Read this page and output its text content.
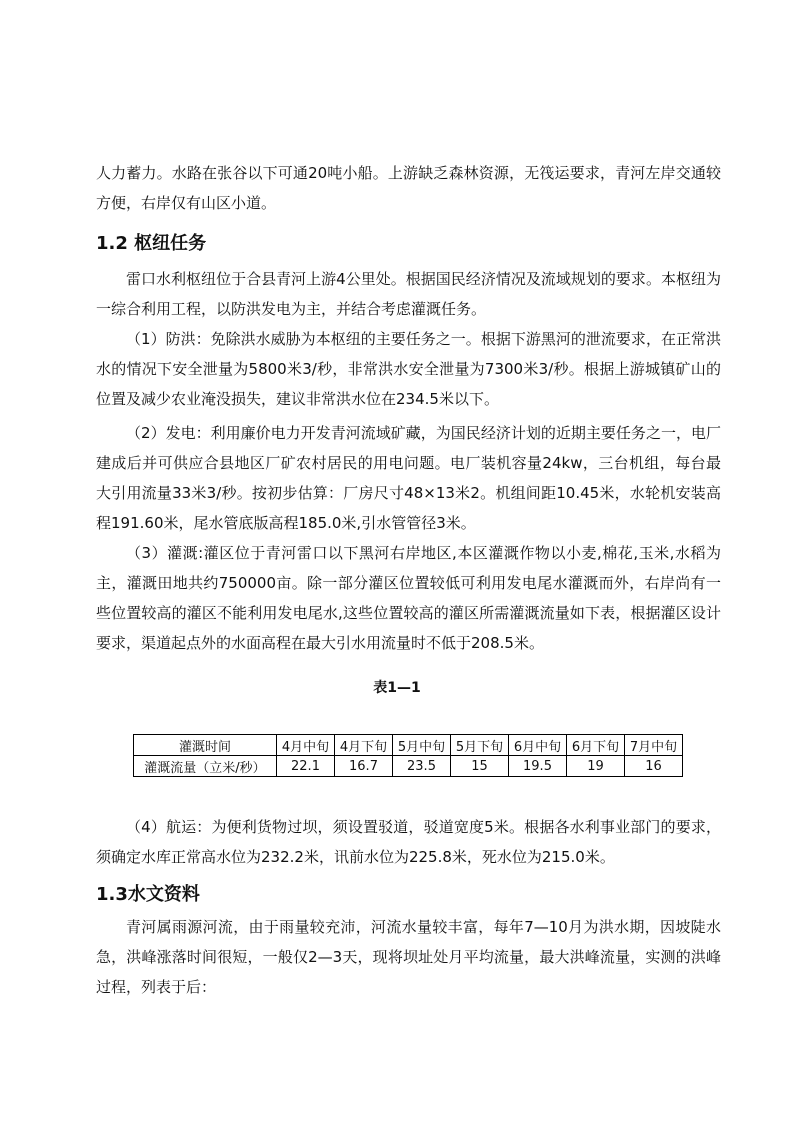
人力蓄力。水路在张谷以下可通20吨小船。上游缺乏森林资源，无筏运要求，青河左岸交通较方便，右岸仅有山区小道。

1.2 枢纽任务

雷口水利枢纽位于合县青河上游4公里处。根据国民经济情况及流域规划的要求。本枢纽为一综合利用工程，以防洪发电为主，并结合考虑灌溉任务。

（1）防洪：免除洪水威胁为本枢纽的主要任务之一。根据下游黑河的泄流要求，在正常洪水的情况下安全泄量为5800米3/秒，非常洪水安全泄量为7300米3/秒。根据上游城镇矿山的位置及减少农业淹没损失，建议非常洪水位在234.5米以下。

（2）发电：利用廉价电力开发青河流域矿藏，为国民经济计划的近期主要任务之一，电厂建成后并可供应合县地区厂矿农村居民的用电问题。电厂装机容量24kw，三台机组，每台最大引用流量33米3/秒。按初步估算：厂房尺寸48×13米2。机组间距10.45米，水轮机安装高程191.60米，尾水管底版高程185.0米,引水管管径3米。

（3）灌溉:灌区位于青河雷口以下黑河右岸地区,本区灌溉作物以小麦,棉花,玉米,水稻为主，灌溉田地共约750000亩。除一部分灌区位置较低可利用发电尾水灌溉而外，右岸尚有一些位置较高的灌区不能利用发电尾水,这些位置较高的灌区所需灌溉流量如下表，根据灌区设计要求，渠道起点外的水面高程在最大引水用流量时不低于208.5米。

表1—1
灌溉时间	4月中旬	4月下旬	5月中旬	5月下旬	6月中旬	6月下旬	7月中旬
灌溉流量（立米/秒）	22.1	16.7	23.5	15	19.5	19	16

（4）航运：为便利货物过坝，须设置驳道，驳道宽度5米。根据各水利事业部门的要求，须确定水库正常高水位为232.2米，讯前水位为225.8米，死水位为215.0米。

1.3水文资料

青河属雨源河流，由于雨量较充沛，河流水量较丰富，每年7—10月为洪水期，因坡陡水急，洪峰涨落时间很短，一般仅2—3天，现将坝址处月平均流量，最大洪峰流量，实测的洪峰过程，列表于后：
